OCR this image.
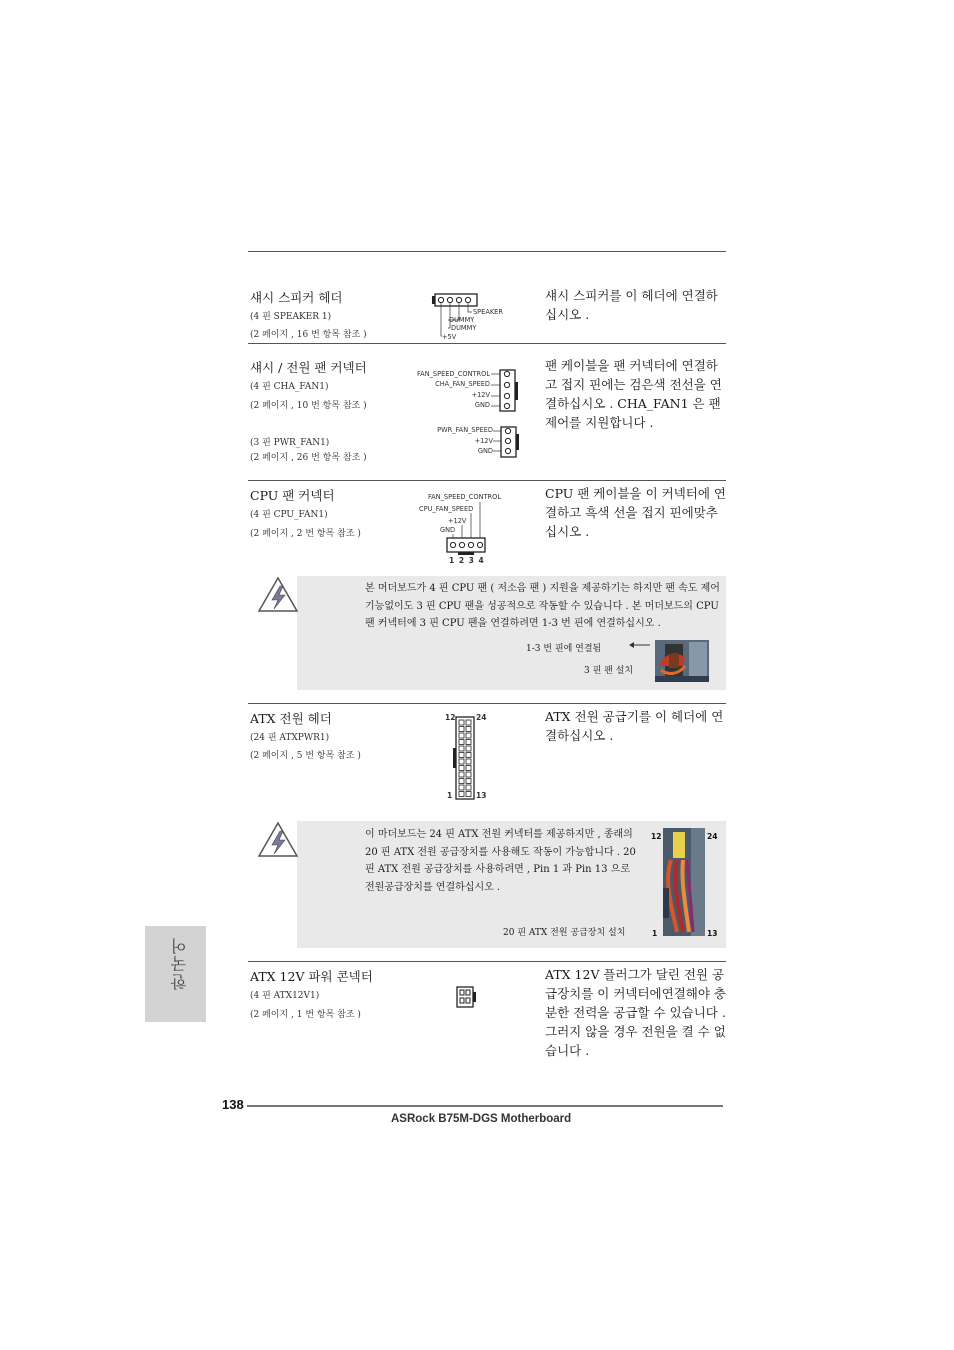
섀시 스피커 헤더
(4 핀 SPEAKER 1)
(2 페이지 , 16 번 항목 참조 )
섀시 스피커를 이 헤더에 연결하십시오 .
SPEAKER
DUMMY
DUMMY
+5V
섀시 / 전원 팬 커넥터
(4 핀 CHA_FAN1)
(2 페이지 , 10 번 항목 참조 )
(3 핀 PWR_FAN1)
(2 페이지 , 26 번 항목 참조 )
팬 케이블을 팬 커넥터에 연결하고 접지 핀에는 검은색 전선을 연결하십시오 . CHA_FAN1 은 팬 제어를 지원합니다 .
FAN_SPEED_CONTROL
CHA_FAN_SPEED
+12V
GND
PWR_FAN_SPEED
+12V
GND
CPU 팬 커넥터
(4 핀 CPU_FAN1)
(2 페이지 , 2 번 항목 참조 )
CPU 팬 케이블을 이 커넥터에 연결하고 흑색 선을 접지 핀에맞추십시오 .
FAN_SPEED_CONTROL
CPU_FAN_SPEED
+12V
GND
1 2 3 4
본 머더보드가 4 핀 CPU 팬 ( 저소음 팬 ) 지원을 제공하기는 하지만 팬 속도 제어기능없이도 3 핀 CPU 팬을 성공적으로 작동할 수 있습니다 . 본 머더보드의 CPU 팬 커넥터에 3 핀 CPU 팬을 연결하려면 1-3 번 핀에 연결하십시오 .
1-3 번 핀에 연결됨
3 핀 팬 설치
ATX 전원 헤더
(24 핀 ATXPWR1)
(2 페이지 , 5 번 항목 참조 )
ATX 전원 공급기를 이 헤더에 연결하십시오 .
12	24
1	13
이 마더보드는 24 핀 ATX 전원 커넥터를 제공하지만 , 종래의 20 핀 ATX 전원 공급장치를 사용해도 작동이 가능합니다 . 20 핀 ATX 전원 공급장치를 사용하려면 , Pin 1 과 Pin 13 으로 전원공급장치를 연결하십시오 .
20 핀 ATX 전원 공급장치 설치
12	24
1	13
ATX 12V 파워 콘넥터
(4 핀 ATX12V1)
(2 페이지 , 1 번 항목 참조 )
ATX 12V 플러그가 달린 전원 공급장치를 이 커넥터에연결해야 충분한 전력을 공급할 수 있습니다 . 그러지 않을 경우 전원을 켤 수 없습니다 .
한국어
138
ASRock B75M-DGS Motherboard
